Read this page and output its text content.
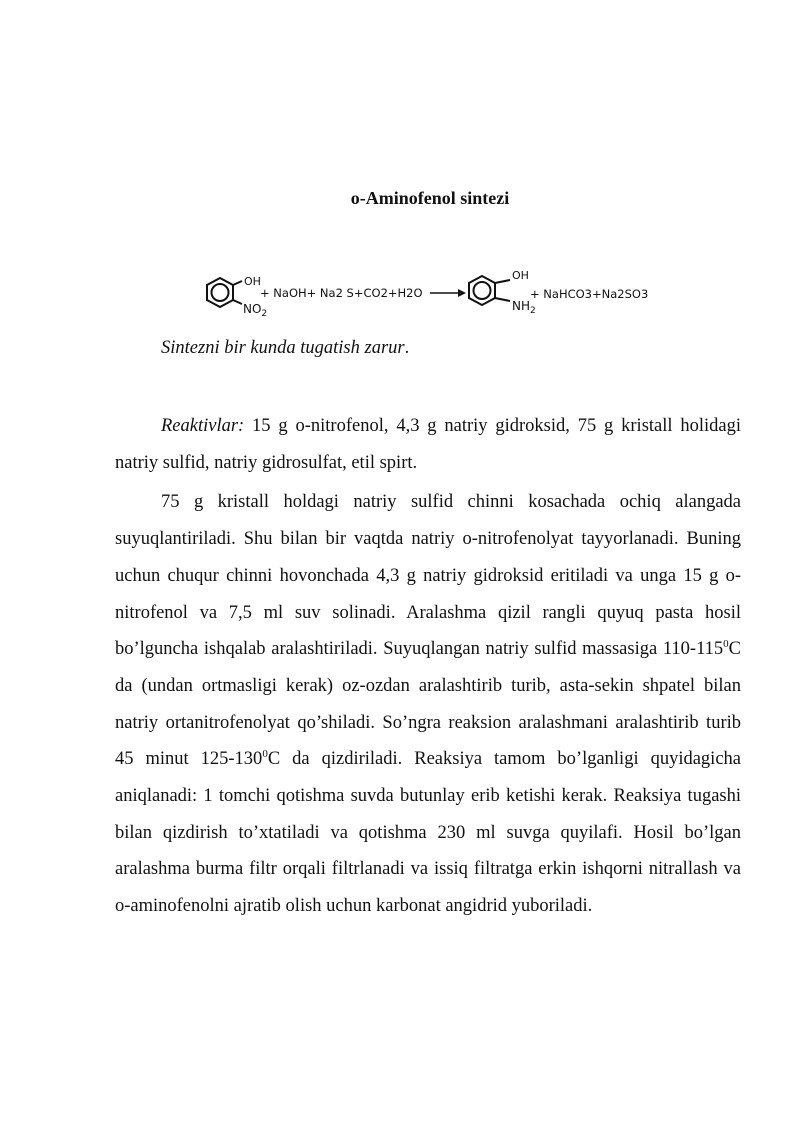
o-Aminofenol sintezi
OH
$NO_2$
+ NaOH+ Na2 S+CO2+H2O
OH
$NH_2$
+ NaHCO3+Na2SO3
Sintezni bir kunda tugatish zarur.

Reaktivlar: 15 g o-nitrofenol, 4,3 g natriy gidroksid, 75 g kristall holidagi natriy sulfid, natriy gidrosulfat, etil spirt.

75 g kristall holdagi natriy sulfid chinni kosachada ochiq alangada suyuqlantiriladi. Shu bilan bir vaqtda natriy o-nitrofenolyat tayyorlanadi. Buning uchun chuqur chinni hovonchada 4,3 g natriy gidroksid eritiladi va unga 15 g o-nitrofenol va 7,5 ml suv solinadi. Aralashma qizil rangli quyuq pasta hosil bo’lguncha ishqalab aralashtiriladi. Suyuqlangan natriy sulfid massasiga $110-115^0C$ da (undan ortmasligi kerak) oz-ozdan aralashtirib turib, asta-sekin shpatel bilan natriy ortanitrofenolyat qo’shiladi. So’ngra reaksion aralashmani aralashtirib turib 45 minut $125-130^0C$ da qizdiriladi. Reaksiya tamom bo’lganligi quyidagicha aniqlanadi: 1 tomchi qotishma suvda butunlay erib ketishi kerak. Reaksiya tugashi bilan qizdirish to’xtatiladi va qotishma 230 ml suvga quyilafi. Hosil bo’lgan aralashma burma filtr orqali filtrlanadi va issiq filtratga erkin ishqorni nitrallash va o-aminofenolni ajratib olish uchun karbonat angidrid yuboriladi.
